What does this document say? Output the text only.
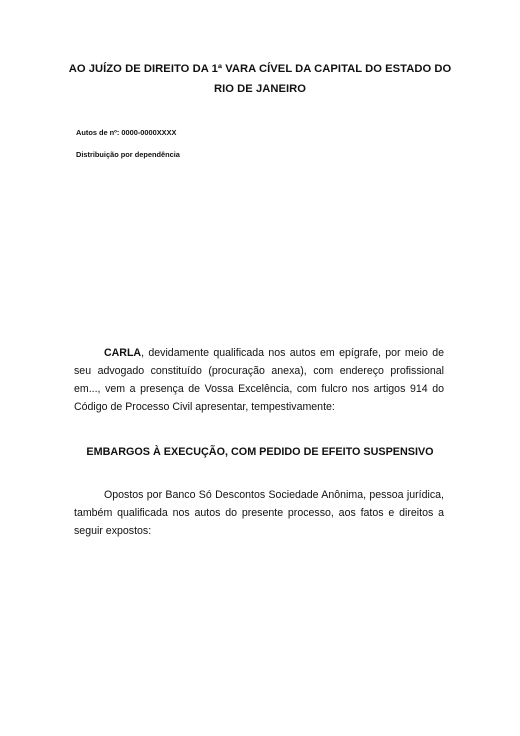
AO JUÍZO DE DIREITO DA 1ª VARA CÍVEL DA CAPITAL DO ESTADO DO
RIO DE JANEIRO
Autos de nº: 0000-0000XXXX
Distribuição por dependência

CARLA, devidamente qualificada nos autos em epígrafe, por meio de seu advogado constituído (procuração anexa), com endereço profissional em..., vem a presença de Vossa Excelência, com fulcro nos artigos 914 do Código de Processo Civil apresentar, tempestivamente:

EMBARGOS À EXECUÇÃO, COM PEDIDO DE EFEITO SUSPENSIVO

Opostos por Banco Só Descontos Sociedade Anônima, pessoa jurídica, também qualificada nos autos do presente processo, aos fatos e direitos a seguir expostos:
